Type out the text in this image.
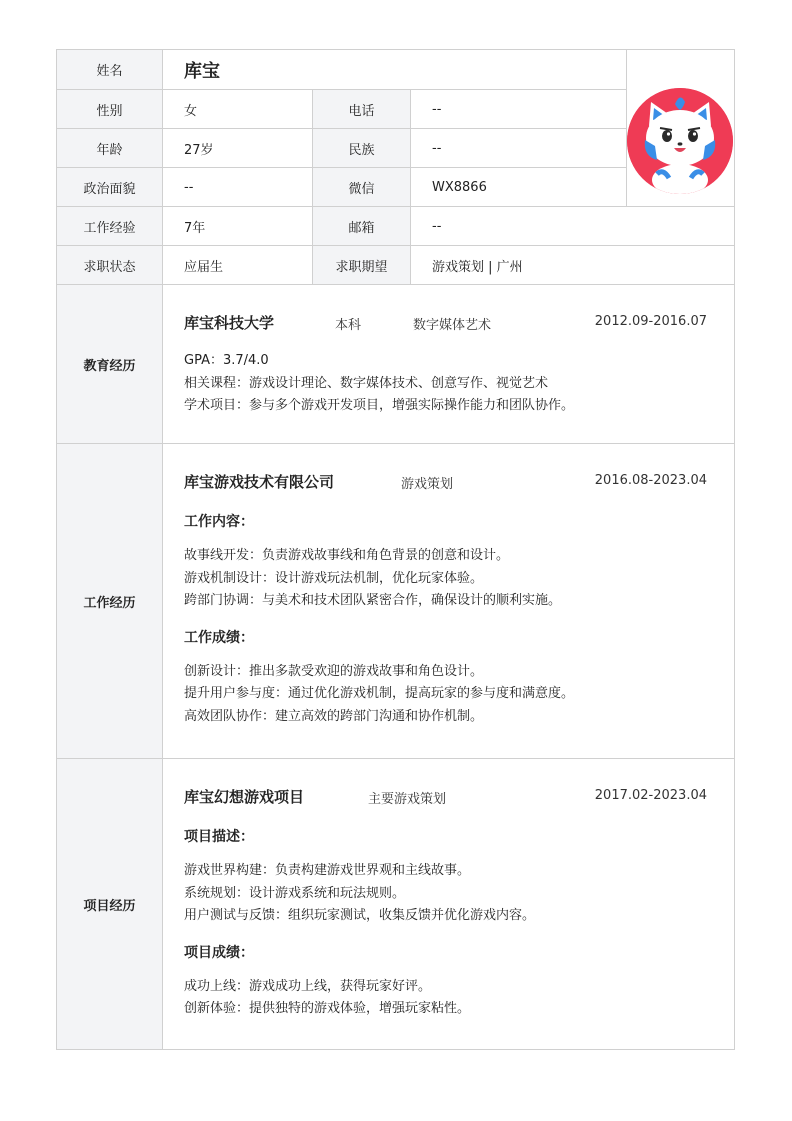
姓名	库宝
性别	女	电话	--
年龄	27岁	民族	--
政治面貌	--	微信	WX8866
工作经验	7年	邮箱	--
求职状态	应届生	求职期望	游戏策划 | 广州
教育经历
库宝科技大学	本科	数字媒体艺术	2012.09-2016.07
GPA：3.7/4.0
相关课程：游戏设计理论、数字媒体技术、创意写作、视觉艺术
学术项目：参与多个游戏开发项目，增强实际操作能力和团队协作。
工作经历
库宝游戏技术有限公司	游戏策划	2016.08-2023.04
工作内容：
故事线开发：负责游戏故事线和角色背景的创意和设计。
游戏机制设计：设计游戏玩法机制，优化玩家体验。
跨部门协调：与美术和技术团队紧密合作，确保设计的顺利实施。
工作成绩：
创新设计：推出多款受欢迎的游戏故事和角色设计。
提升用户参与度：通过优化游戏机制，提高玩家的参与度和满意度。
高效团队协作：建立高效的跨部门沟通和协作机制。
项目经历
库宝幻想游戏项目	主要游戏策划	2017.02-2023.04
项目描述：
游戏世界构建：负责构建游戏世界观和主线故事。
系统规划：设计游戏系统和玩法规则。
用户测试与反馈：组织玩家测试，收集反馈并优化游戏内容。
项目成绩：
成功上线：游戏成功上线，获得玩家好评。
创新体验：提供独特的游戏体验，增强玩家粘性。
